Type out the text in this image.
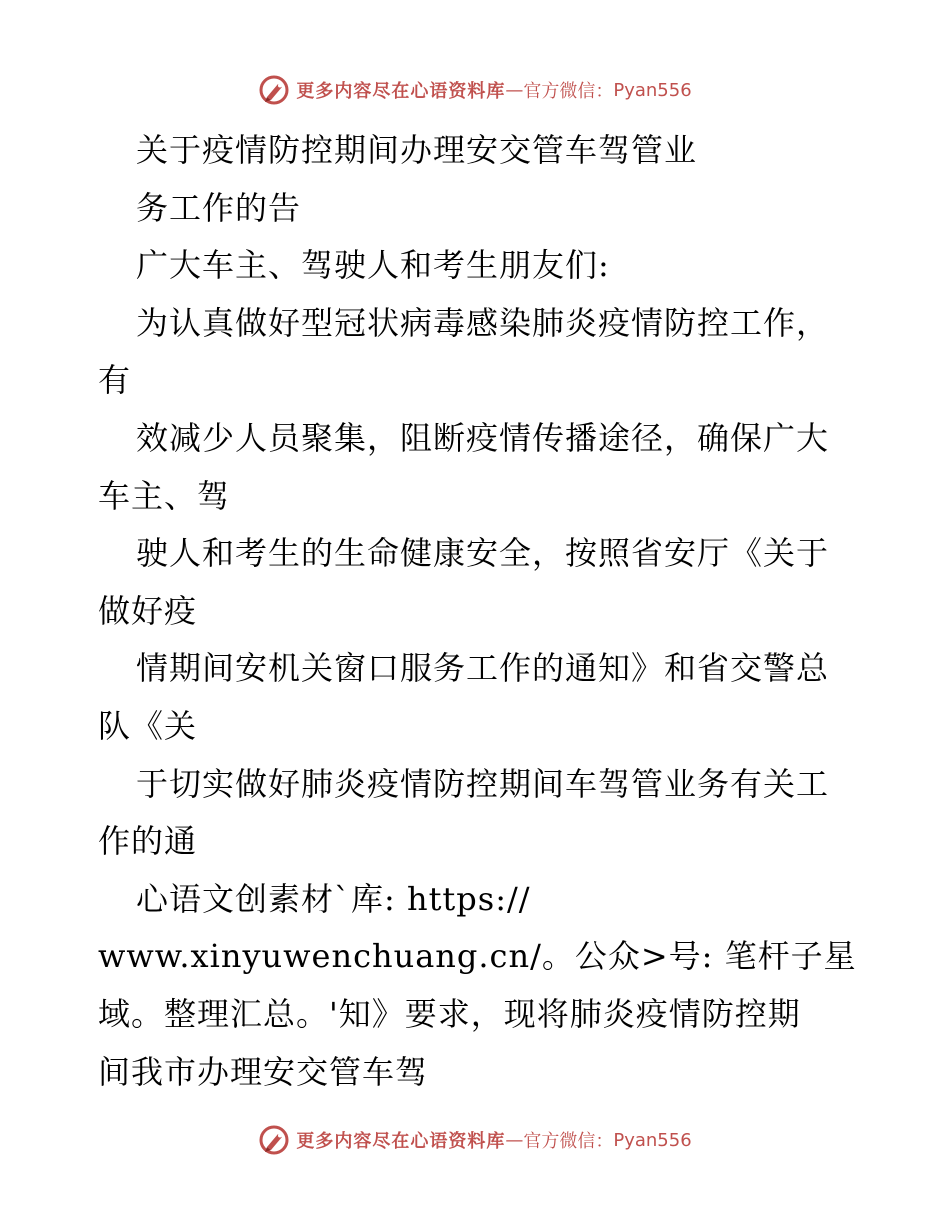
更多内容尽在心语资料库 — 官方微信： Pyan556
关于疫情防控期间办理安交管车驾管业
务工作的告
广大车主、驾驶人和考生朋友们:
为认真做好型冠状病毒感染肺炎疫情防控工作，
有
效减少人员聚集，阻断疫情传播途径，确保广大
车主、驾
驶人和考生的生命健康安全，按照省安厅《关于
做好疫
情期间安机关窗口服务工作的通知》和省交警总
队《关
于切实做好肺炎疫情防控期间车驾管业务有关工
作的通
心语文创素材`库: https://
www.xinyuwenchuang.cn/。公众>号: 笔杆子星
域。整理汇总。'知》要求，现将肺炎疫情防控期
间我市办理安交管车驾
更多内容尽在心语资料库 — 官方微信： Pyan556
